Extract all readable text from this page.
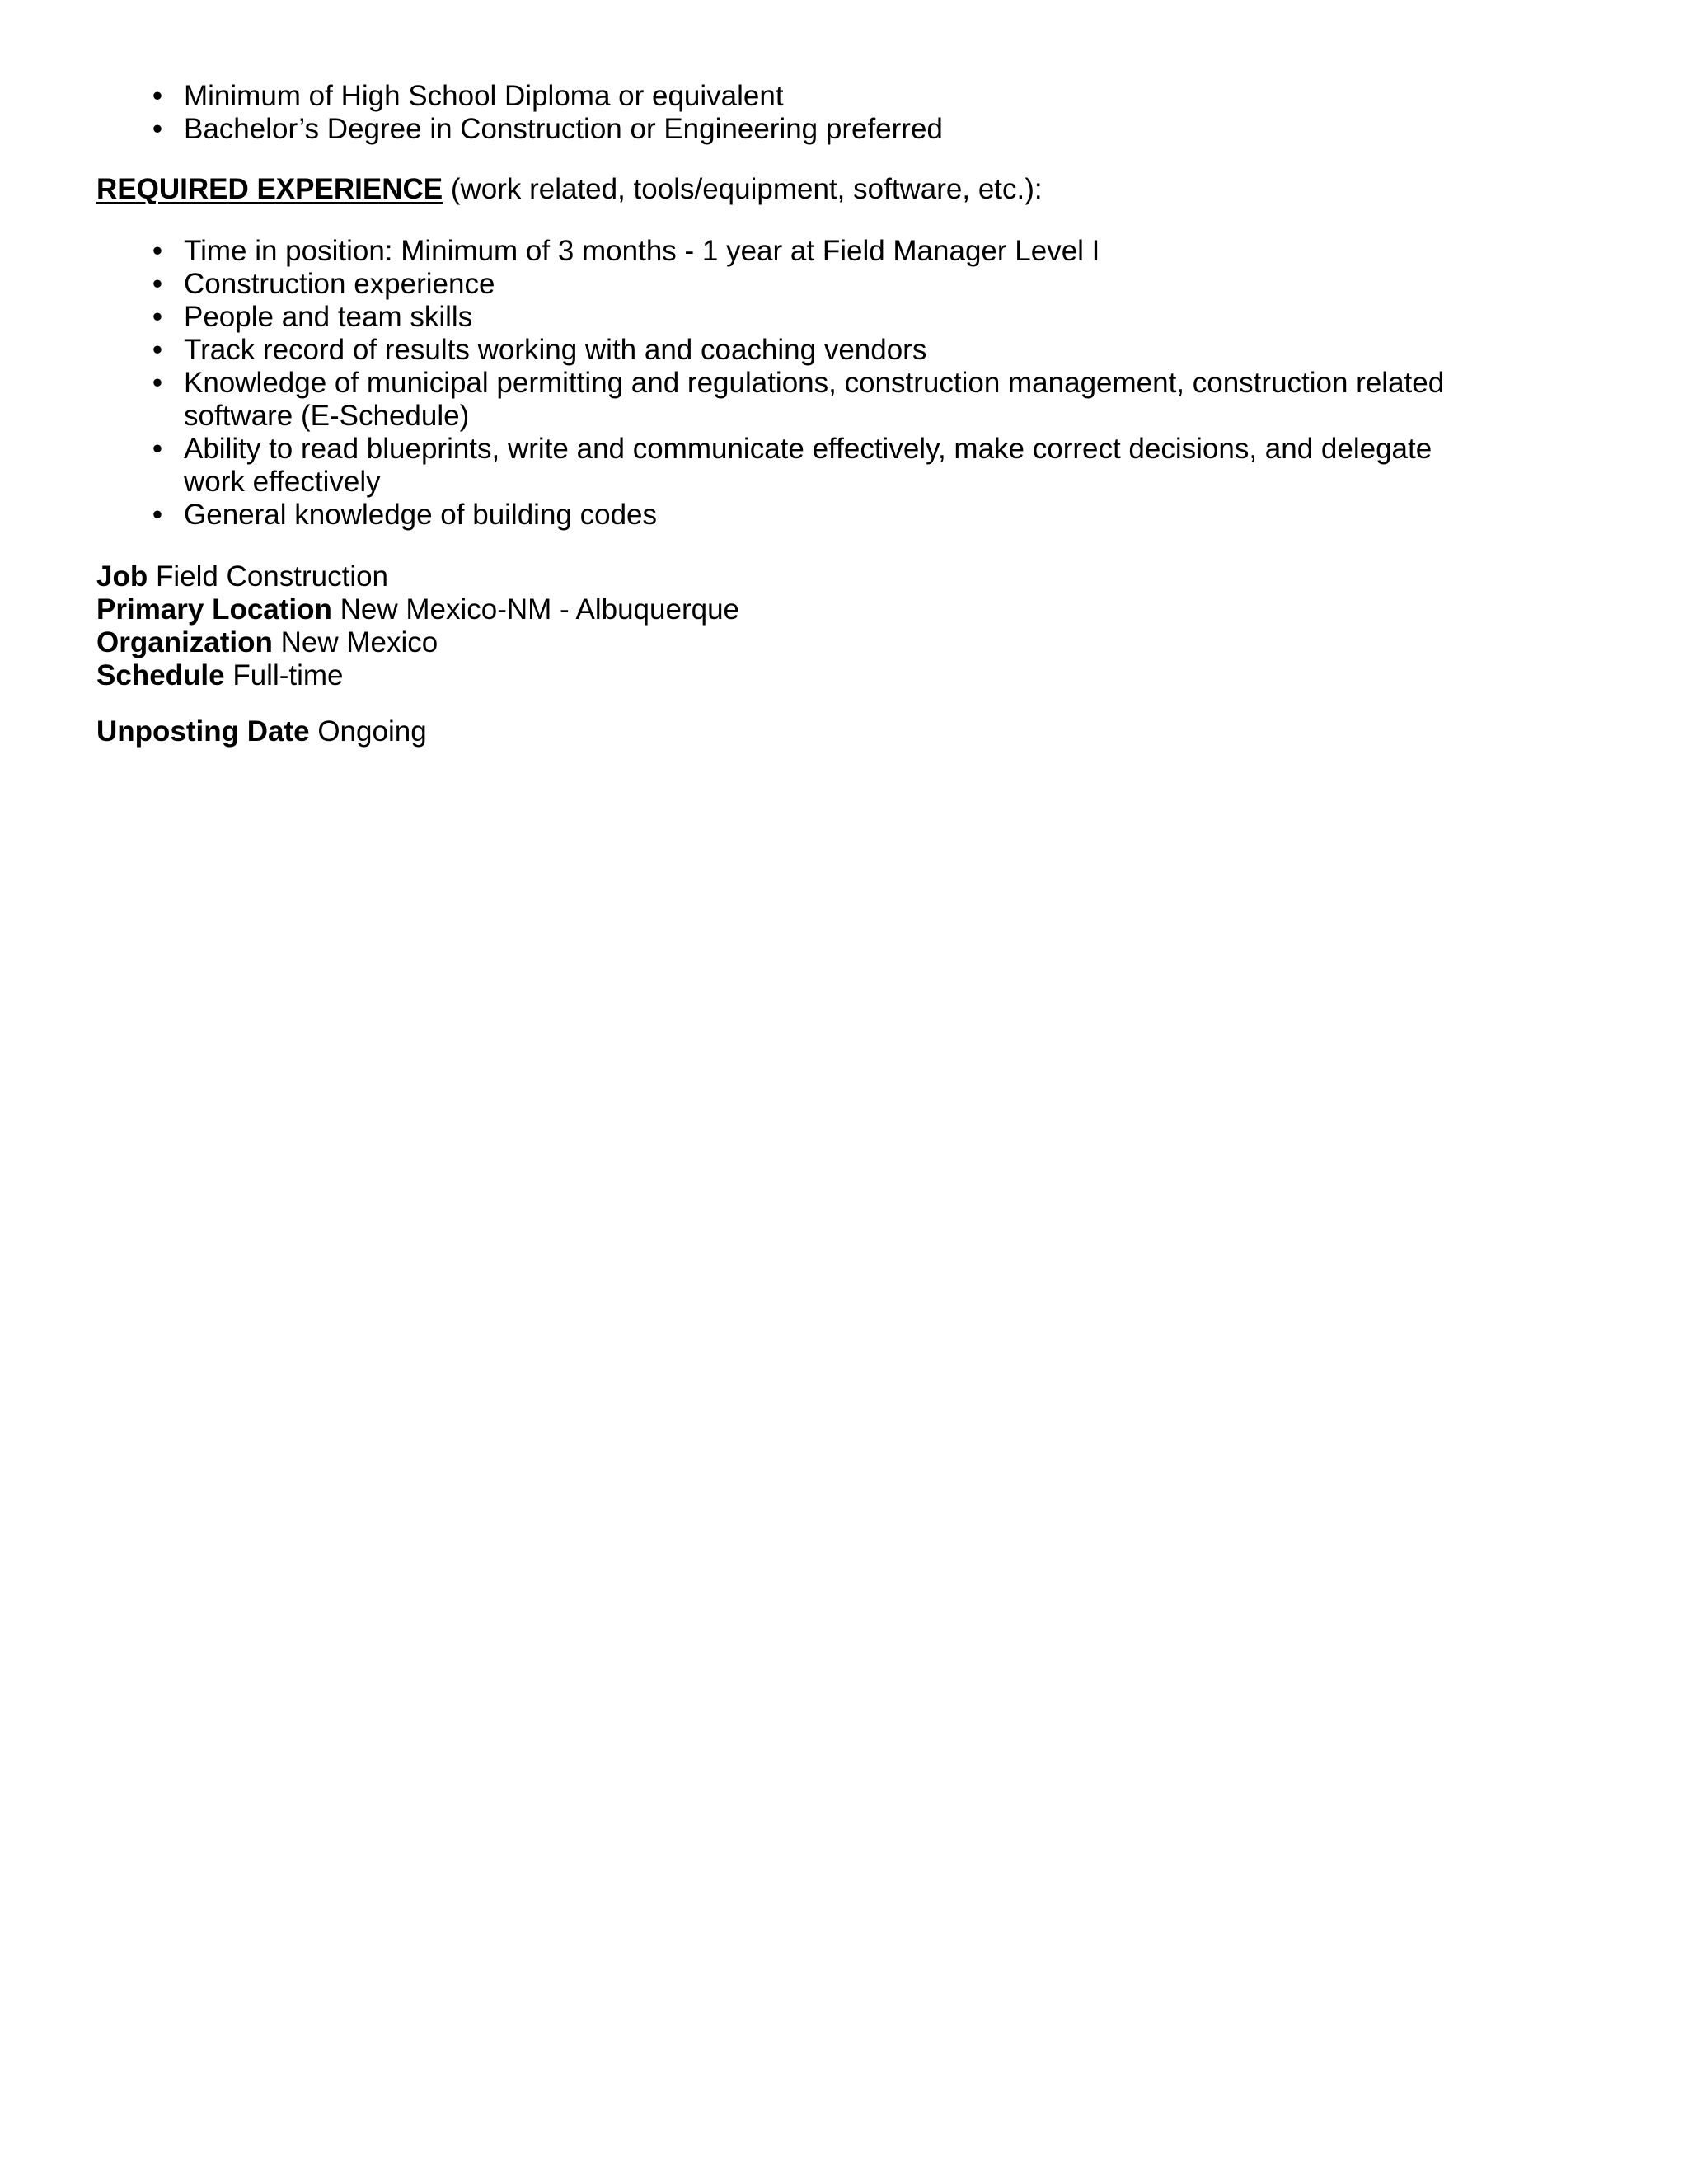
• Minimum of High School Diploma or equivalent
• Bachelor’s Degree in Construction or Engineering preferred
REQUIRED EXPERIENCE (work related, tools/equipment, software, etc.):
• Time in position: Minimum of 3 months - 1 year at Field Manager Level I
• Construction experience
• People and team skills
• Track record of results working with and coaching vendors
• Knowledge of municipal permitting and regulations, construction management, construction related software (E-Schedule)
• Ability to read blueprints, write and communicate effectively, make correct decisions, and delegate work effectively
• General knowledge of building codes
Job Field Construction
Primary Location New Mexico-NM - Albuquerque
Organization New Mexico
Schedule Full-time
Unposting Date Ongoing
